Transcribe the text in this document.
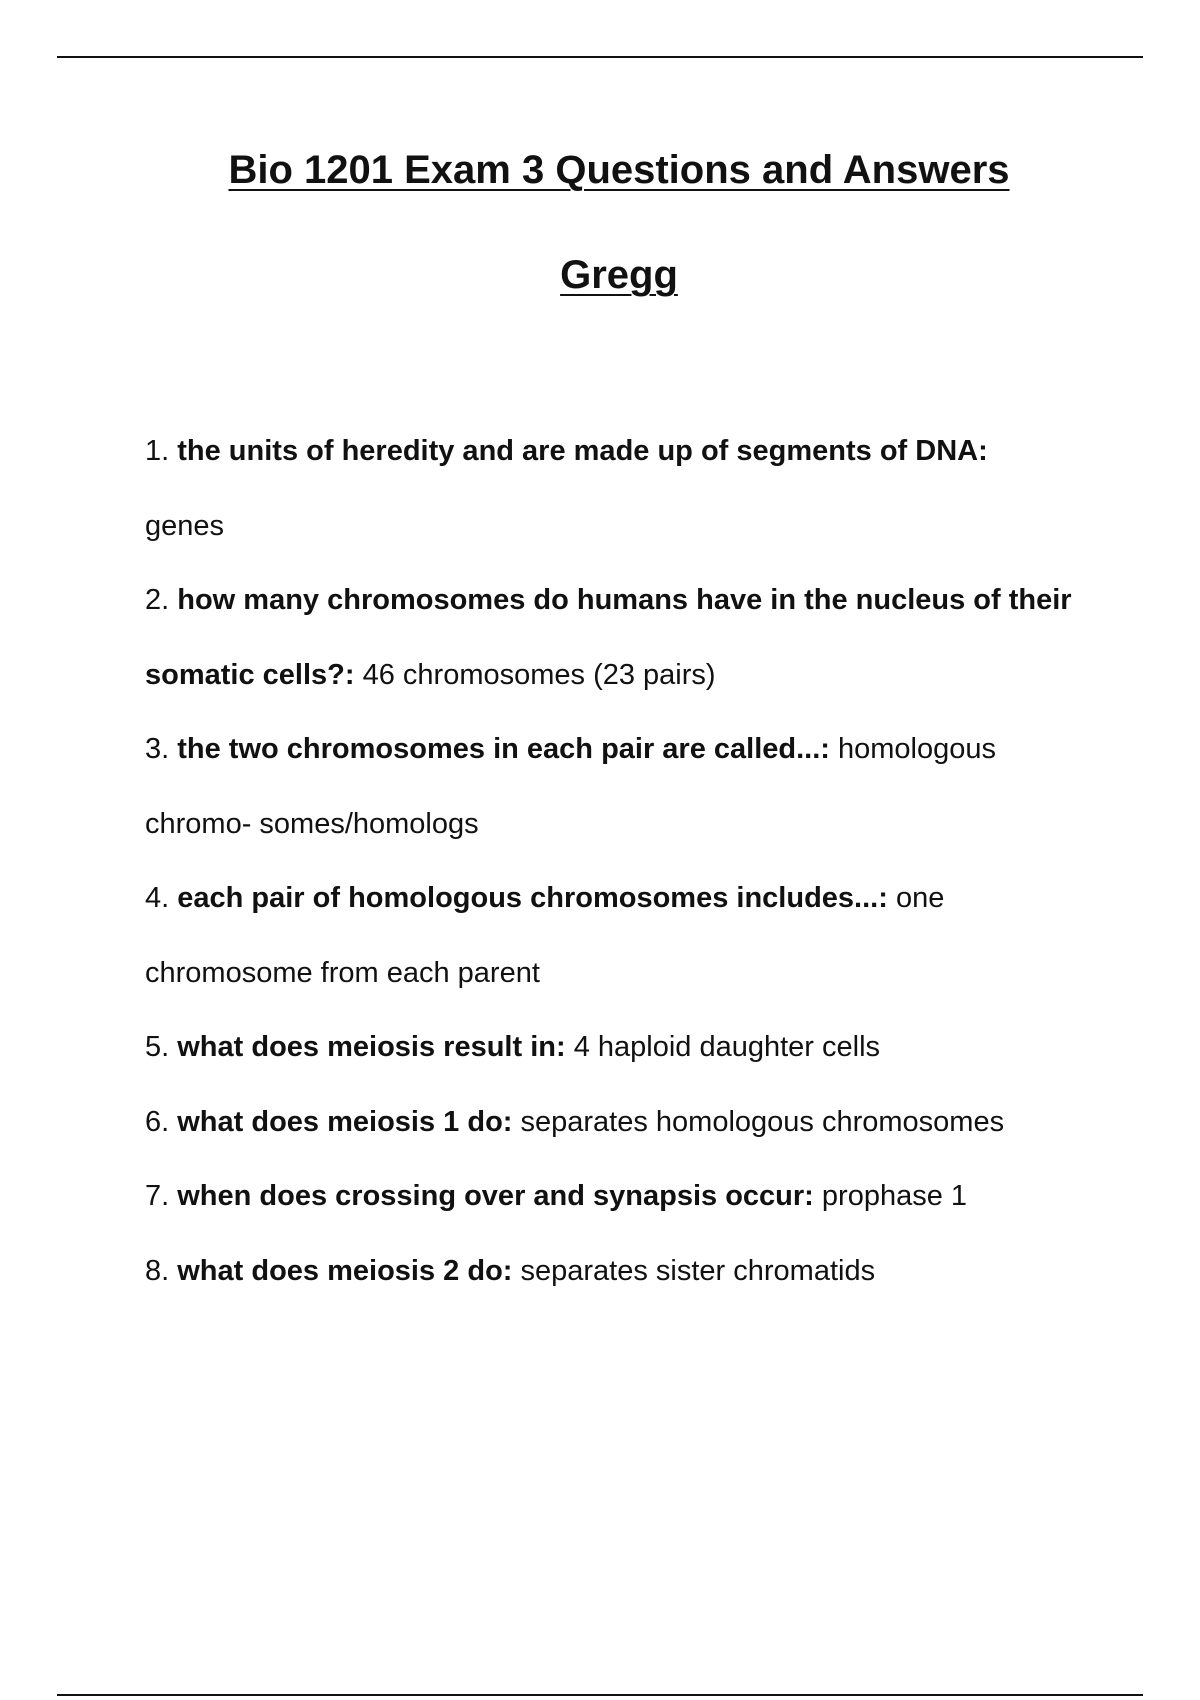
Bio 1201 Exam 3 Questions and Answers
Gregg
1. the units of heredity and are made up of segments of DNA:
genes
2. how many chromosomes do humans have in the nucleus of their somatic cells?: 46 chromosomes (23 pairs)
3. the two chromosomes in each pair are called...: homologous chromo- somes/homologs
4. each pair of homologous chromosomes includes...: one chromosome from each parent
5. what does meiosis result in: 4 haploid daughter cells
6. what does meiosis 1 do: separates homologous chromosomes
7. when does crossing over and synapsis occur: prophase 1
8. what does meiosis 2 do: separates sister chromatids
